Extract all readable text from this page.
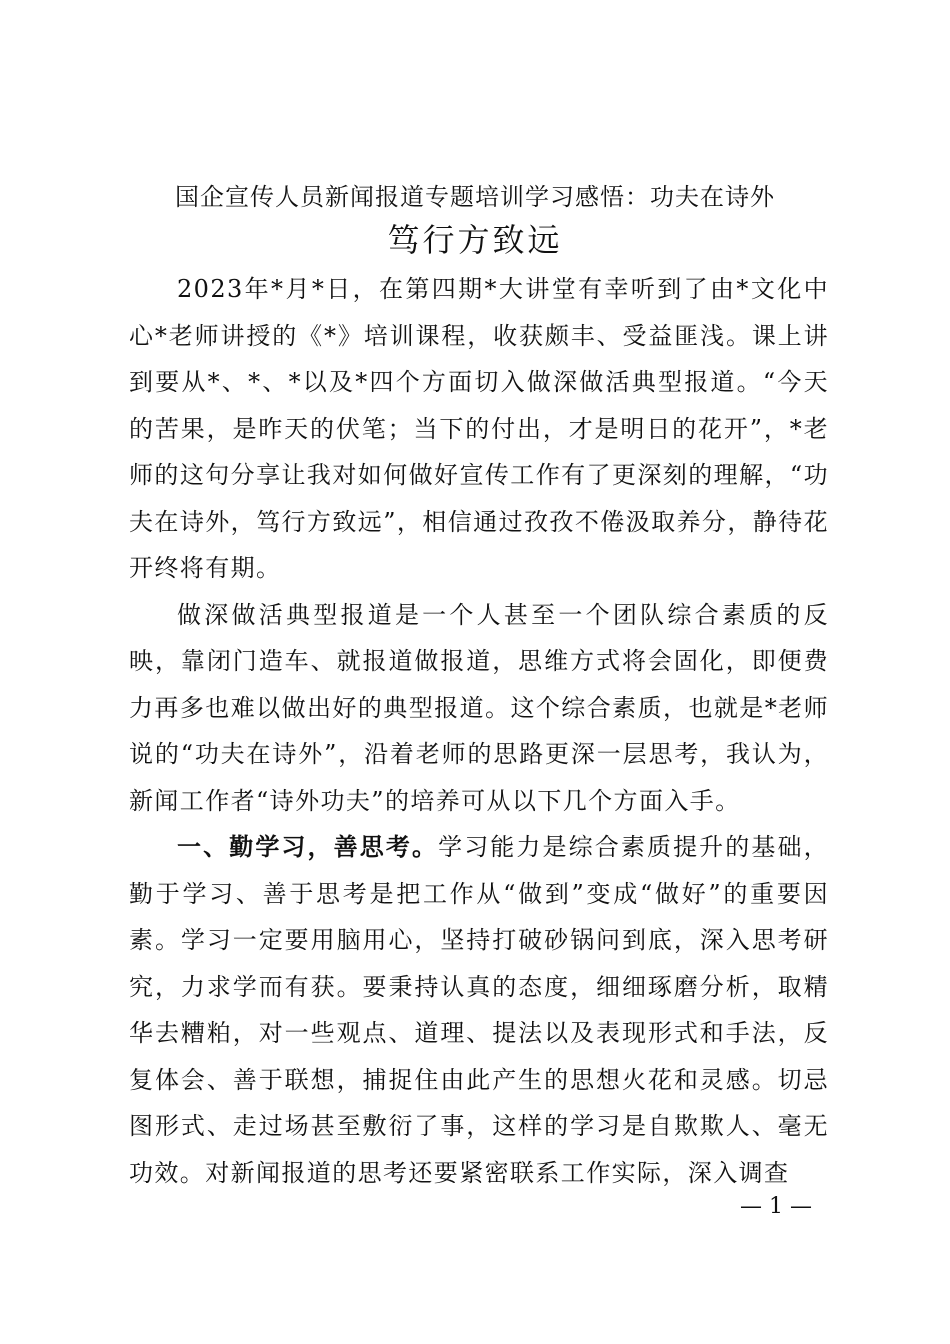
国企宣传人员新闻报道专题培训学习感悟：功夫在诗外
笃行方致远

2023年*月*日，在第四期*大讲堂有幸听到了由*文化中心*老师讲授的《*》培训课程，收获颇丰、受益匪浅。课上讲到要从*、*、*以及*四个方面切入做深做活典型报道。“今天的苦果，是昨天的伏笔；当下的付出，才是明日的花开”，*老师的这句分享让我对如何做好宣传工作有了更深刻的理解，“功夫在诗外，笃行方致远”，相信通过孜孜不倦汲取养分，静待花开终将有期。

做深做活典型报道是一个人甚至一个团队综合素质的反映，靠闭门造车、就报道做报道，思维方式将会固化，即便费力再多也难以做出好的典型报道。这个综合素质，也就是*老师说的“功夫在诗外”，沿着老师的思路更深一层思考，我认为，新闻工作者“诗外功夫”的培养可从以下几个方面入手。

一、勤学习，善思考。学习能力是综合素质提升的基础，勤于学习、善于思考是把工作从“做到”变成“做好”的重要因素。学习一定要用脑用心，坚持打破砂锅问到底，深入思考研究，力求学而有获。要秉持认真的态度，细细琢磨分析，取精华去糟粕，对一些观点、道理、提法以及表现形式和手法，反复体会、善于联想，捕捉住由此产生的思想火花和灵感。切忌图形式、走过场甚至敷衍了事，这样的学习是自欺欺人、毫无功效。对新闻报道的思考还要紧密联系工作实际，深入调查

— 1 —
